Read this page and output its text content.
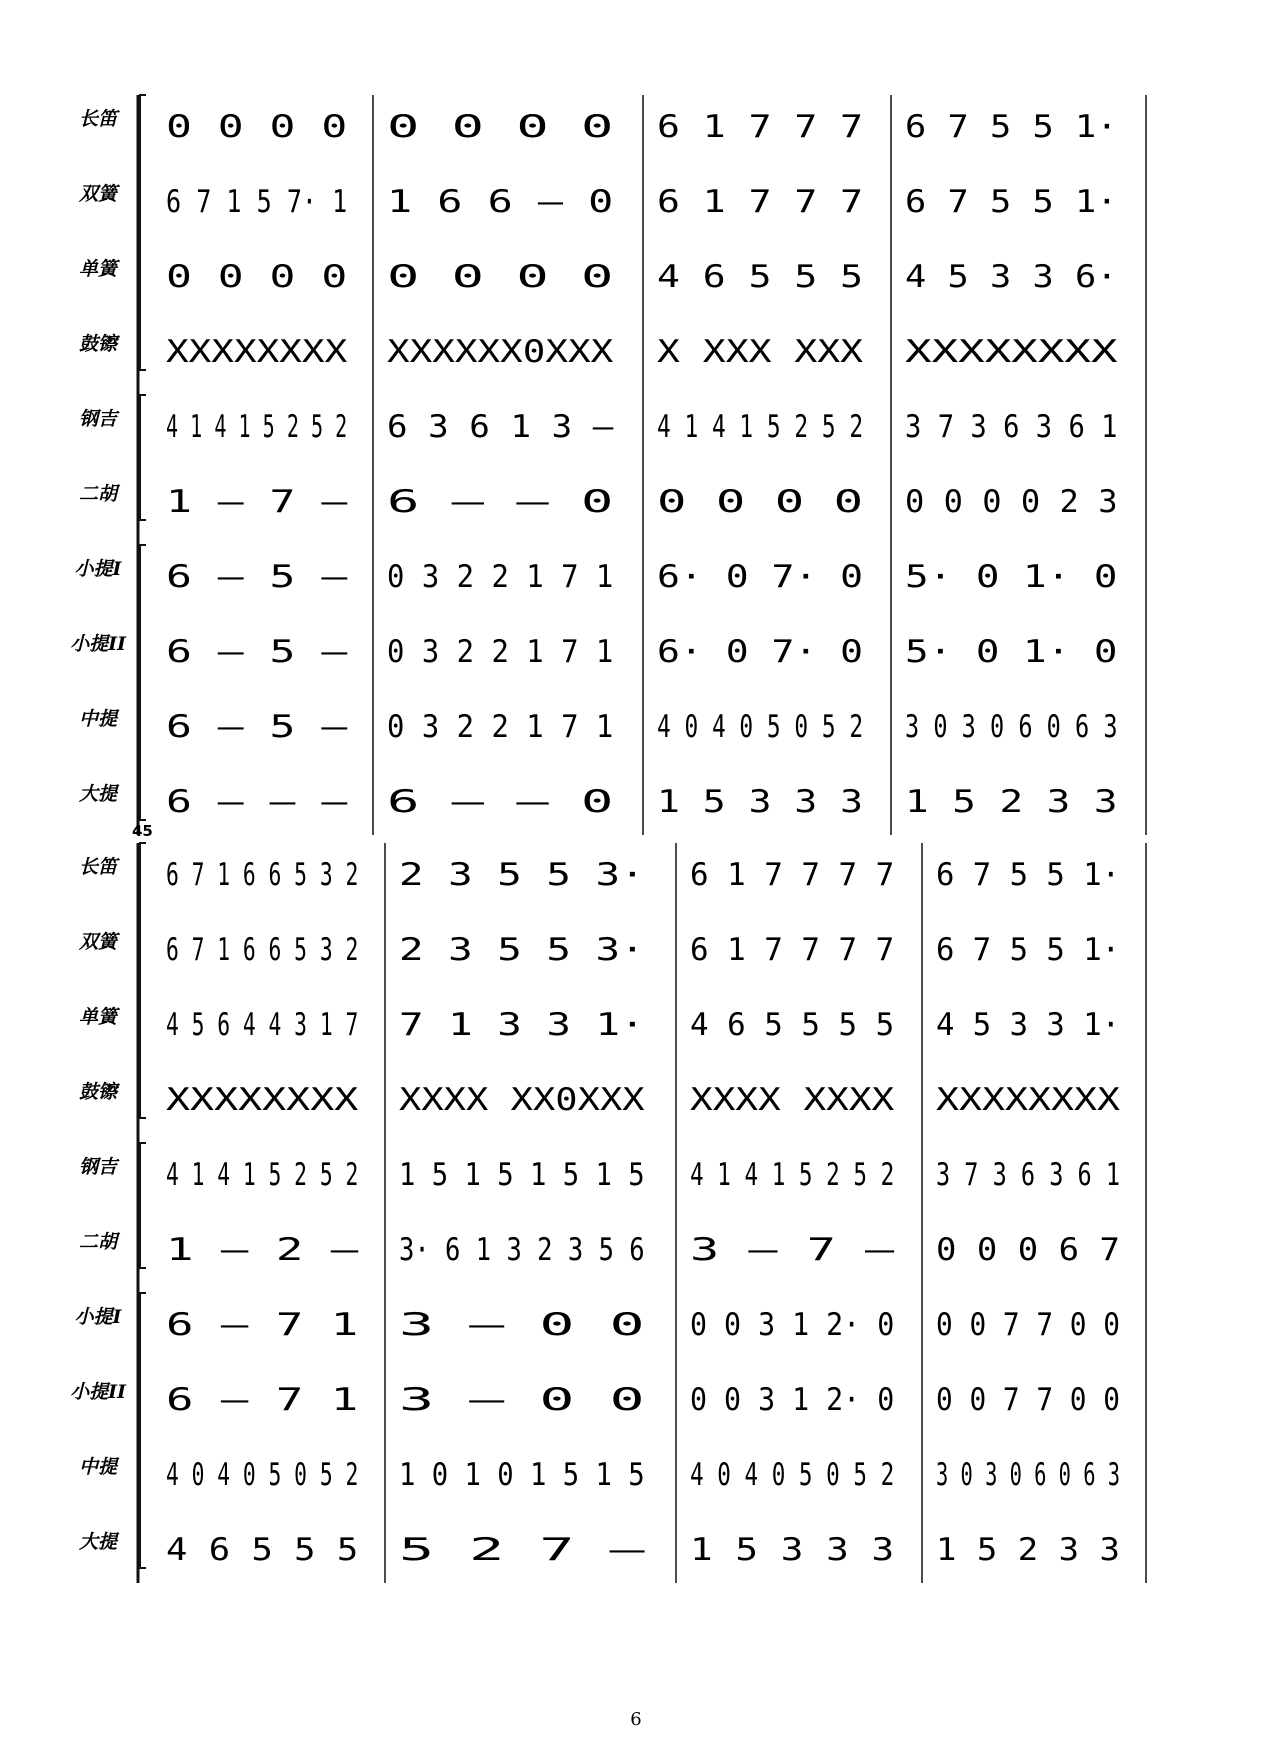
长笛 0 0 0 0 0 0 0 0 6 1 7 7 7 6 7 5 5 1·
双簧 6 7 1 5 7· 1 1 6 6 — 0 6 1 7 7 7 6 7 5 5 1·
单簧 0 0 0 0 0 0 0 0 4 6 5 5 5 4 5 3 3 6·
鼓镲 XXXXXXXX XXXXXX0XXX X XXX XXX XXXXXXXX
钢吉 4 1 4 1 5 2 5 2 6 3 6 1 3 — 4 1 4 1 5 2 5 2 3 7 3 6 3 6 1
二胡 1 — 7 — 6 — — 0 0 0 0 0 0 0 0 0 2 3
小提I 6 — 5 — 0 3 2 2 1 7 1 6· 0 7· 0 5· 0 1· 0
小提II 6 — 5 — 0 3 2 2 1 7 1 6· 0 7· 0 5· 0 1· 0
中提 6 — 5 — 0 3 2 2 1 7 1 4 0 4 0 5 0 5 2 3 0 3 0 6 0 6 3
大提 6 — — — 6 — — 0 1 5 3 3 3 1 5 2 3 3
45
长笛 6 7 1 6 6 5 3 2 2 3 5 5 3· 6 1 7 7 7 7 6 7 5 5 1·
双簧 6 7 1 6 6 5 3 2 2 3 5 5 3· 6 1 7 7 7 7 6 7 5 5 1·
单簧 4 5 6 4 4 3 1 7 7 1 3 3 1· 4 6 5 5 5 5 4 5 3 3 1·
鼓镲 XXXXXXXX XXXX XX0XXX XXXX XXXX XXXXXXXX
钢吉 4 1 4 1 5 2 5 2 1 5 1 5 1 5 1 5 4 1 4 1 5 2 5 2 3 7 3 6 3 6 1
二胡 1 — 2 — 3· 6 1 3 2 3 5 6 3 — 7 — 0 0 0 6 7
小提I 6 — 7 1 3 — 0 0 0 0 3 1 2· 0 0 0 7 7 0 0
小提II 6 — 7 1 3 — 0 0 0 0 3 1 2· 0 0 0 7 7 0 0
中提 4 0 4 0 5 0 5 2 1 0 1 0 1 5 1 5 4 0 4 0 5 0 5 2 3 0 3 0 6 0 6 3
大提 4 6 5 5 5 5 2 7 — 1 5 3 3 3 1 5 2 3 3
6
